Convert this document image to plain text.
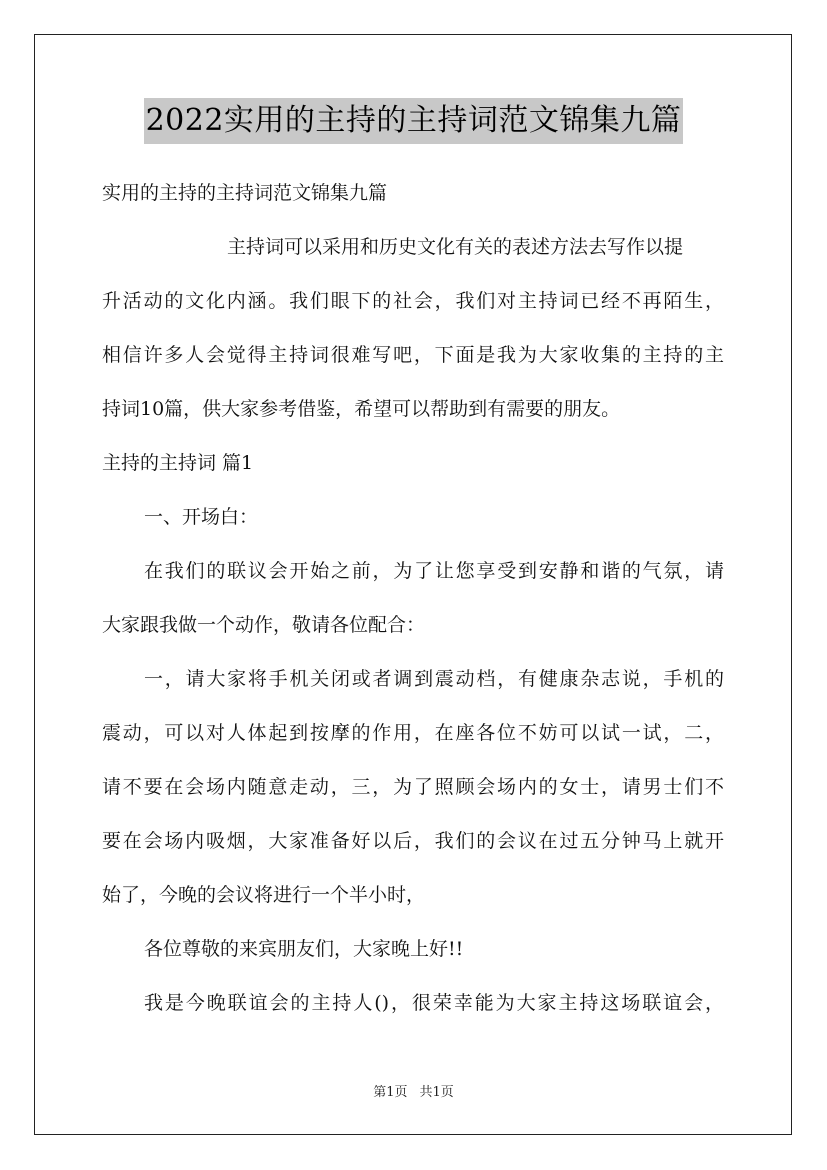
2022实用的主持的主持词范文锦集九篇
实用的主持的主持词范文锦集九篇
主持词可以采用和历史文化有关的表述方法去写作以提
升活动的文化内涵。我们眼下的社会，我们对主持词已经不再陌生，
相信许多人会觉得主持词很难写吧，下面是我为大家收集的主持的主
持词10篇，供大家参考借鉴，希望可以帮助到有需要的朋友。
主持的主持词 篇1
一、开场白：
在我们的联议会开始之前，为了让您享受到安静和谐的气氛，请
大家跟我做一个动作，敬请各位配合：
一，请大家将手机关闭或者调到震动档，有健康杂志说，手机的
震动，可以对人体起到按摩的作用，在座各位不妨可以试一试，二，
请不要在会场内随意走动，三，为了照顾会场内的女士，请男士们不
要在会场内吸烟，大家准备好以后，我们的会议在过五分钟马上就开
始了，今晚的会议将进行一个半小时，
各位尊敬的来宾朋友们，大家晚上好!!
我是今晚联谊会的主持人()，很荣幸能为大家主持这场联谊会，
第1页 共1页
